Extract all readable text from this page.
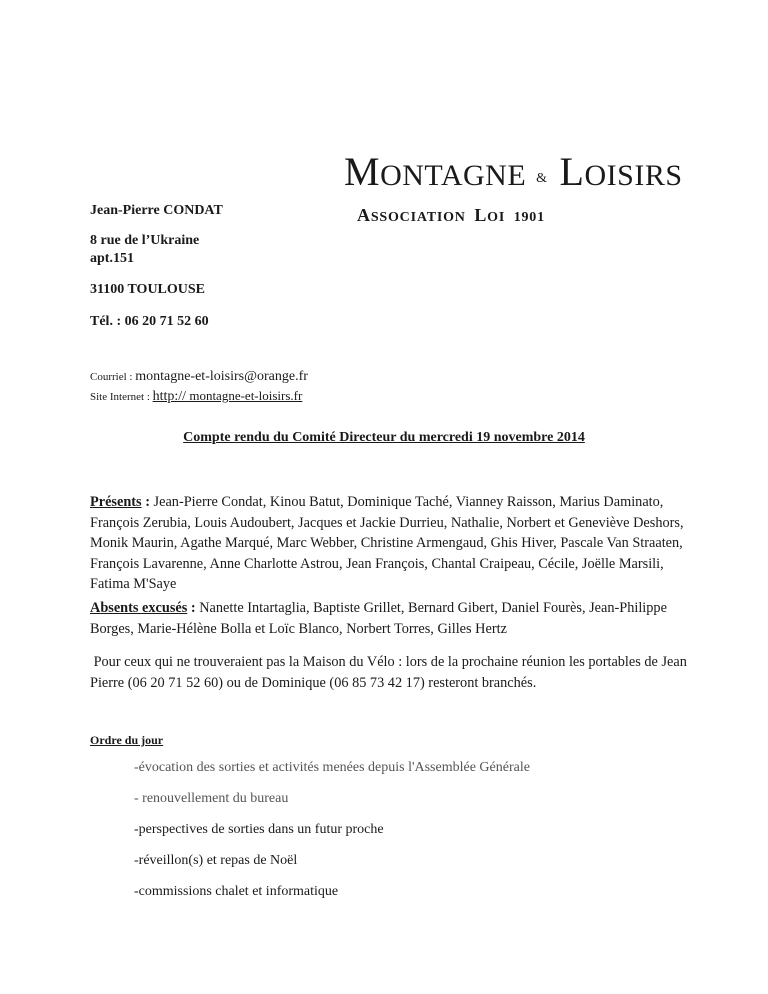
MONTAGNE & LOISIRS
ASSOCIATION LOI 1901
Jean-Pierre CONDAT
8 rue de l’Ukraine
apt.151
31100 TOULOUSE
Tél. : 06 20 71 52 60
Courriel : montagne-et-loisirs@orange.fr
Site Internet : http:// montagne-et-loisirs.fr
Compte rendu du Comité Directeur du mercredi 19 novembre 2014
Présents : Jean-Pierre Condat, Kinou Batut, Dominique Taché, Vianney Raisson, Marius Daminato, François Zerubia, Louis Audoubert, Jacques et Jackie Durrieu, Nathalie, Norbert et Geneviève Deshors, Monik Maurin, Agathe Marqué, Marc Webber, Christine Armengaud, Ghis Hiver, Pascale Van Straaten, François Lavarenne, Anne Charlotte Astrou, Jean François, Chantal Craipeau, Cécile, Joëlle Marsili, Fatima M'Saye
Absents excusés : Nanette Intartaglia, Baptiste Grillet, Bernard Gibert, Daniel Fourès, Jean-Philippe Borges, Marie-Hélène Bolla et Loïc Blanco, Norbert Torres, Gilles Hertz
Pour ceux qui ne trouveraient pas la Maison du Vélo : lors de la prochaine réunion les portables de Jean Pierre (06 20 71 52 60) ou de Dominique (06 85 73 42 17) resteront branchés.
Ordre du jour
-évocation des sorties et activités menées depuis l'Assemblée Générale
- renouvellement du bureau
-perspectives de sorties dans un futur proche
-réveillon(s) et repas de Noël
-commissions chalet et informatique
